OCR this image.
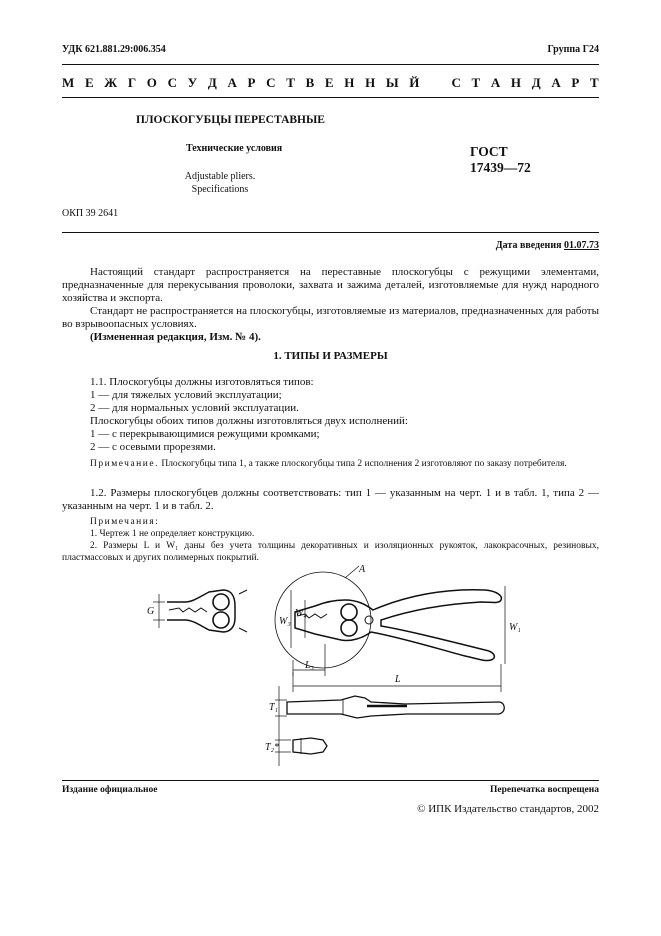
УДК 621.881.29:006.354	Группа Г24
М Е Ж Г О С У Д А Р С Т В Е Н Н Ы Й С Т А Н Д А Р Т
ПЛОСКОГУБЦЫ ПЕРЕСТАВНЫЕ
Технические условия
Adjustable pliers.
Specifications
ГОСТ
17439—72
ОКП 39 2641
Дата введения 01.07.73

Настоящий стандарт распространяется на переставные плоскогубцы с режущими элементами, предназначенные для перекусывания проволоки, захвата и зажима деталей, изготовляемые для нужд народного хозяйства и экспорта.

Стандарт не распространяется на плоскогубцы, изготовляемые из материалов, предназначенных для работы во взрывоопасных условиях.

(Измененная редакция, Изм. № 4).

1. ТИПЫ И РАЗМЕРЫ
1.1. Плоскогубцы должны изготовляться типов:
1 — для тяжелых условий эксплуатации;
2 — для нормальных условий эксплуатации.
Плоскогубцы обоих типов должны изготовляться двух исполнений:
1 — с перекрывающимися режущими кромками;
2 — с осевыми прорезями.
Примечание. Плоскогубцы типа 1, а также плоскогубцы типа 2 исполнения 2 изготовляют по заказу потребителя.

1.2. Размеры плоскогубцев должны соответствовать: тип 1 — указанным на черт. 1 и в табл. 1, типа 2 — указанным на черт. 1 и в табл. 2.

Примечания:
1. Чертеж 1 не определяет конструкцию.
2. Размеры L и W₁ даны без учета толщины декоративных и изоляционных рукояток, лакокрасочных, резиновых, пластмассовых и других полимерных покрытий.
G
А
W₃
W₄
W₁
L₃
L
T₁
T₂*
Издание официальное	Перепечатка воспрещена
© ИПК Издательство стандартов, 2002
